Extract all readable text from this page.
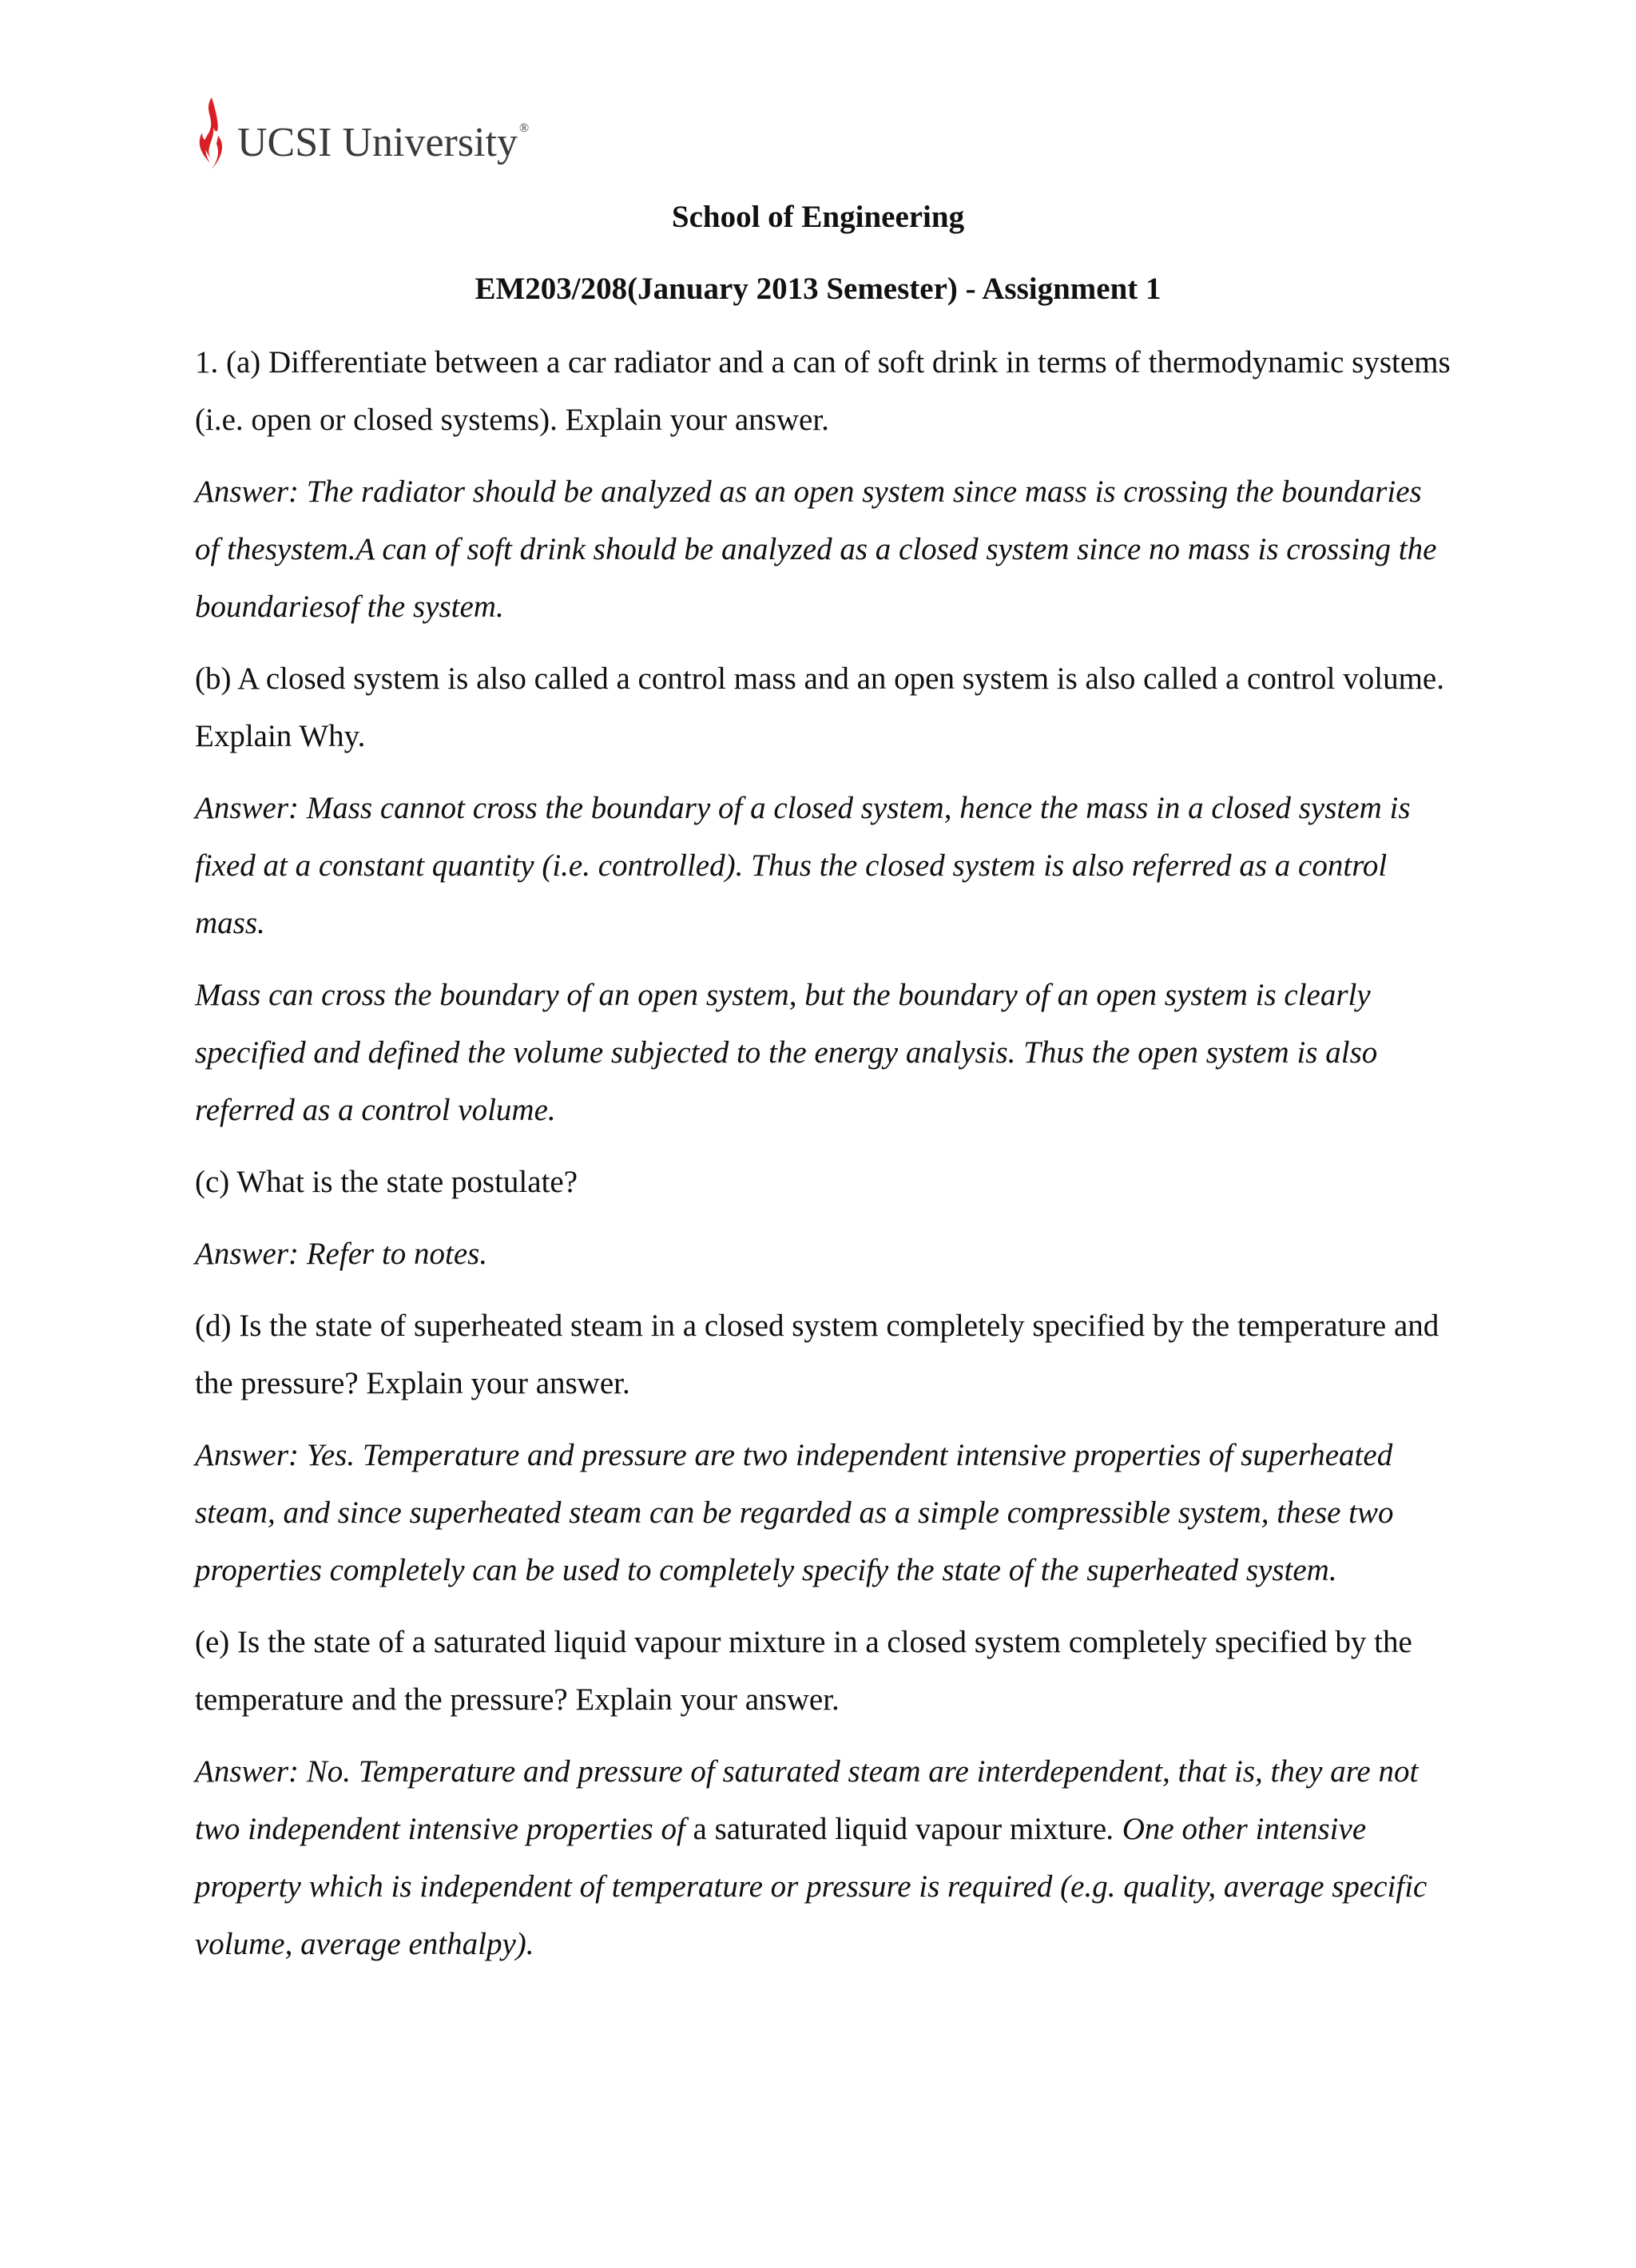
UCSI University ®
School of Engineering
EM203/208(January 2013 Semester) - Assignment 1

1. (a) Differentiate between a car radiator and a can of soft drink in terms of thermodynamic systems (i.e. open or closed systems). Explain your answer.

Answer: The radiator should be analyzed as an open system since mass is crossing the boundaries of thesystem.A can of soft drink should be analyzed as a closed system since no mass is crossing the boundariesof the system.

(b) A closed system is also called a control mass and an open system is also called a control volume. Explain Why.

Answer: Mass cannot cross the boundary of a closed system, hence the mass in a closed system is fixed at a constant quantity (i.e. controlled). Thus the closed system is also referred as a control mass.

Mass can cross the boundary of an open system, but the boundary of an open system is clearly specified and defined the volume subjected to the energy analysis. Thus the open system is also referred as a control volume.

(c) What is the state postulate?

Answer: Refer to notes.

(d) Is the state of superheated steam in a closed system completely specified by the temperature and the pressure? Explain your answer.

Answer: Yes. Temperature and pressure are two independent intensive properties of superheated steam, and since superheated steam can be regarded as a simple compressible system, these two properties completely can be used to completely specify the state of the superheated system.

(e) Is the state of a saturated liquid vapour mixture in a closed system completely specified by the temperature and the pressure? Explain your answer.

Answer: No. Temperature and pressure of saturated steam are interdependent, that is, they are not two independent intensive properties of a saturated liquid vapour mixture. One other intensive property which is independent of temperature or pressure is required (e.g. quality, average specific volume, average enthalpy).
